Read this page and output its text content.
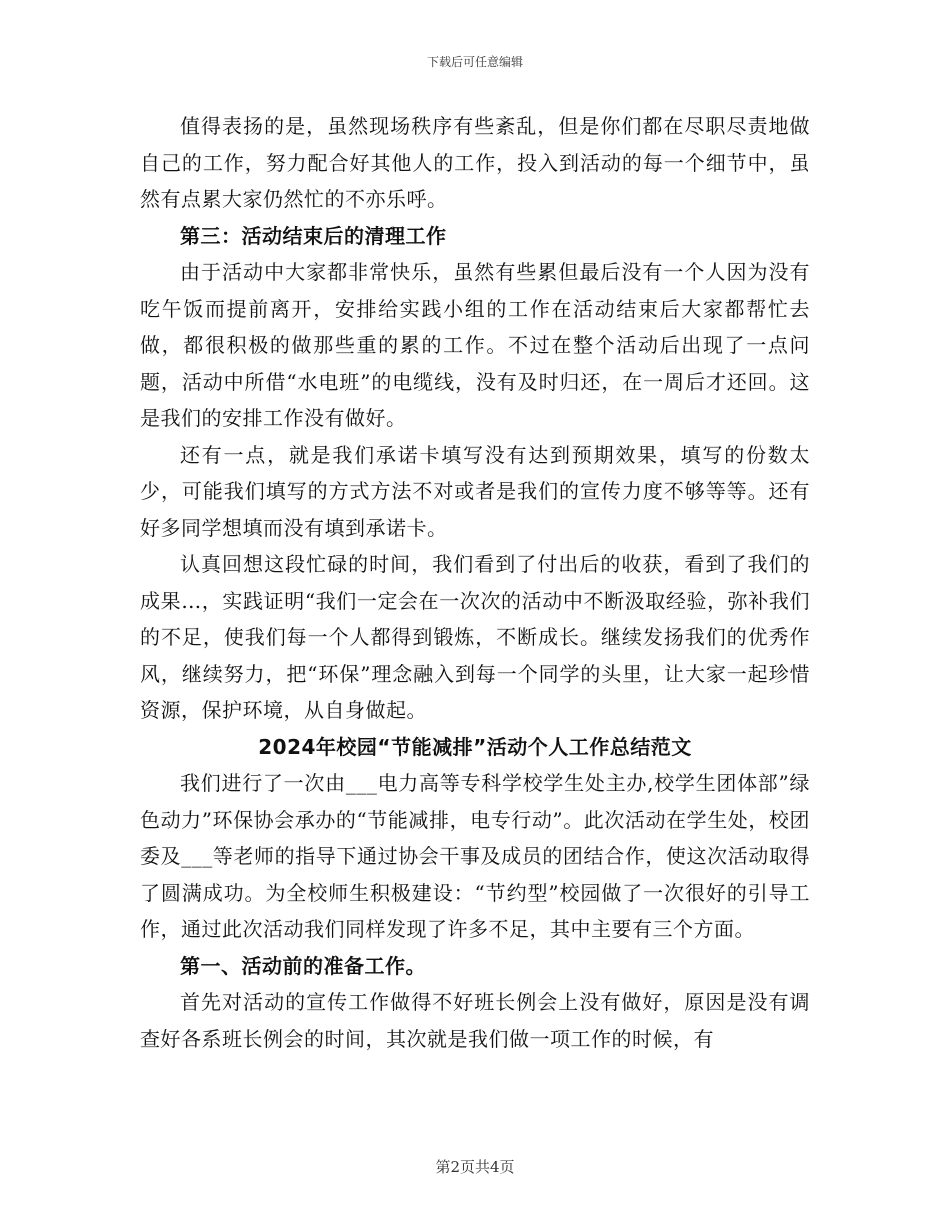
下载后可任意编辑

值得表扬的是，虽然现场秩序有些紊乱，但是你们都在尽职尽责地做自己的工作，努力配合好其他人的工作，投入到活动的每一个细节中，虽然有点累大家仍然忙的不亦乐呼。

第三：活动结束后的清理工作

由于活动中大家都非常快乐，虽然有些累但最后没有一个人因为没有吃午饭而提前离开，安排给实践小组的工作在活动结束后大家都帮忙去做，都很积极的做那些重的累的工作。不过在整个活动后出现了一点问题，活动中所借“水电班”的电缆线，没有及时归还，在一周后才还回。这是我们的安排工作没有做好。

还有一点，就是我们承诺卡填写没有达到预期效果，填写的份数太少，可能我们填写的方式方法不对或者是我们的宣传力度不够等等。还有好多同学想填而没有填到承诺卡。

认真回想这段忙碌的时间，我们看到了付出后的收获，看到了我们的成果…，实践证明“我们一定会在一次次的活动中不断汲取经验，弥补我们的不足，使我们每一个人都得到锻炼，不断成长。继续发扬我们的优秀作风，继续努力，把“环保”理念融入到每一个同学的头里，让大家一起珍惜资源，保护环境，从自身做起。

2024年校园“节能减排”活动个人工作总结范文

我们进行了一次由___电力高等专科学校学生处主办,校学生团体部”绿色动力”环保协会承办的“节能减排，电专行动”。此次活动在学生处，校团委及___等老师的指导下通过协会干事及成员的团结合作，使这次活动取得了圆满成功。为全校师生积极建设：“节约型”校园做了一次很好的引导工作，通过此次活动我们同样发现了许多不足，其中主要有三个方面。

第一、活动前的准备工作。

首先对活动的宣传工作做得不好班长例会上没有做好，原因是没有调查好各系班长例会的时间，其次就是我们做一项工作的时候，有

第2页共4页
